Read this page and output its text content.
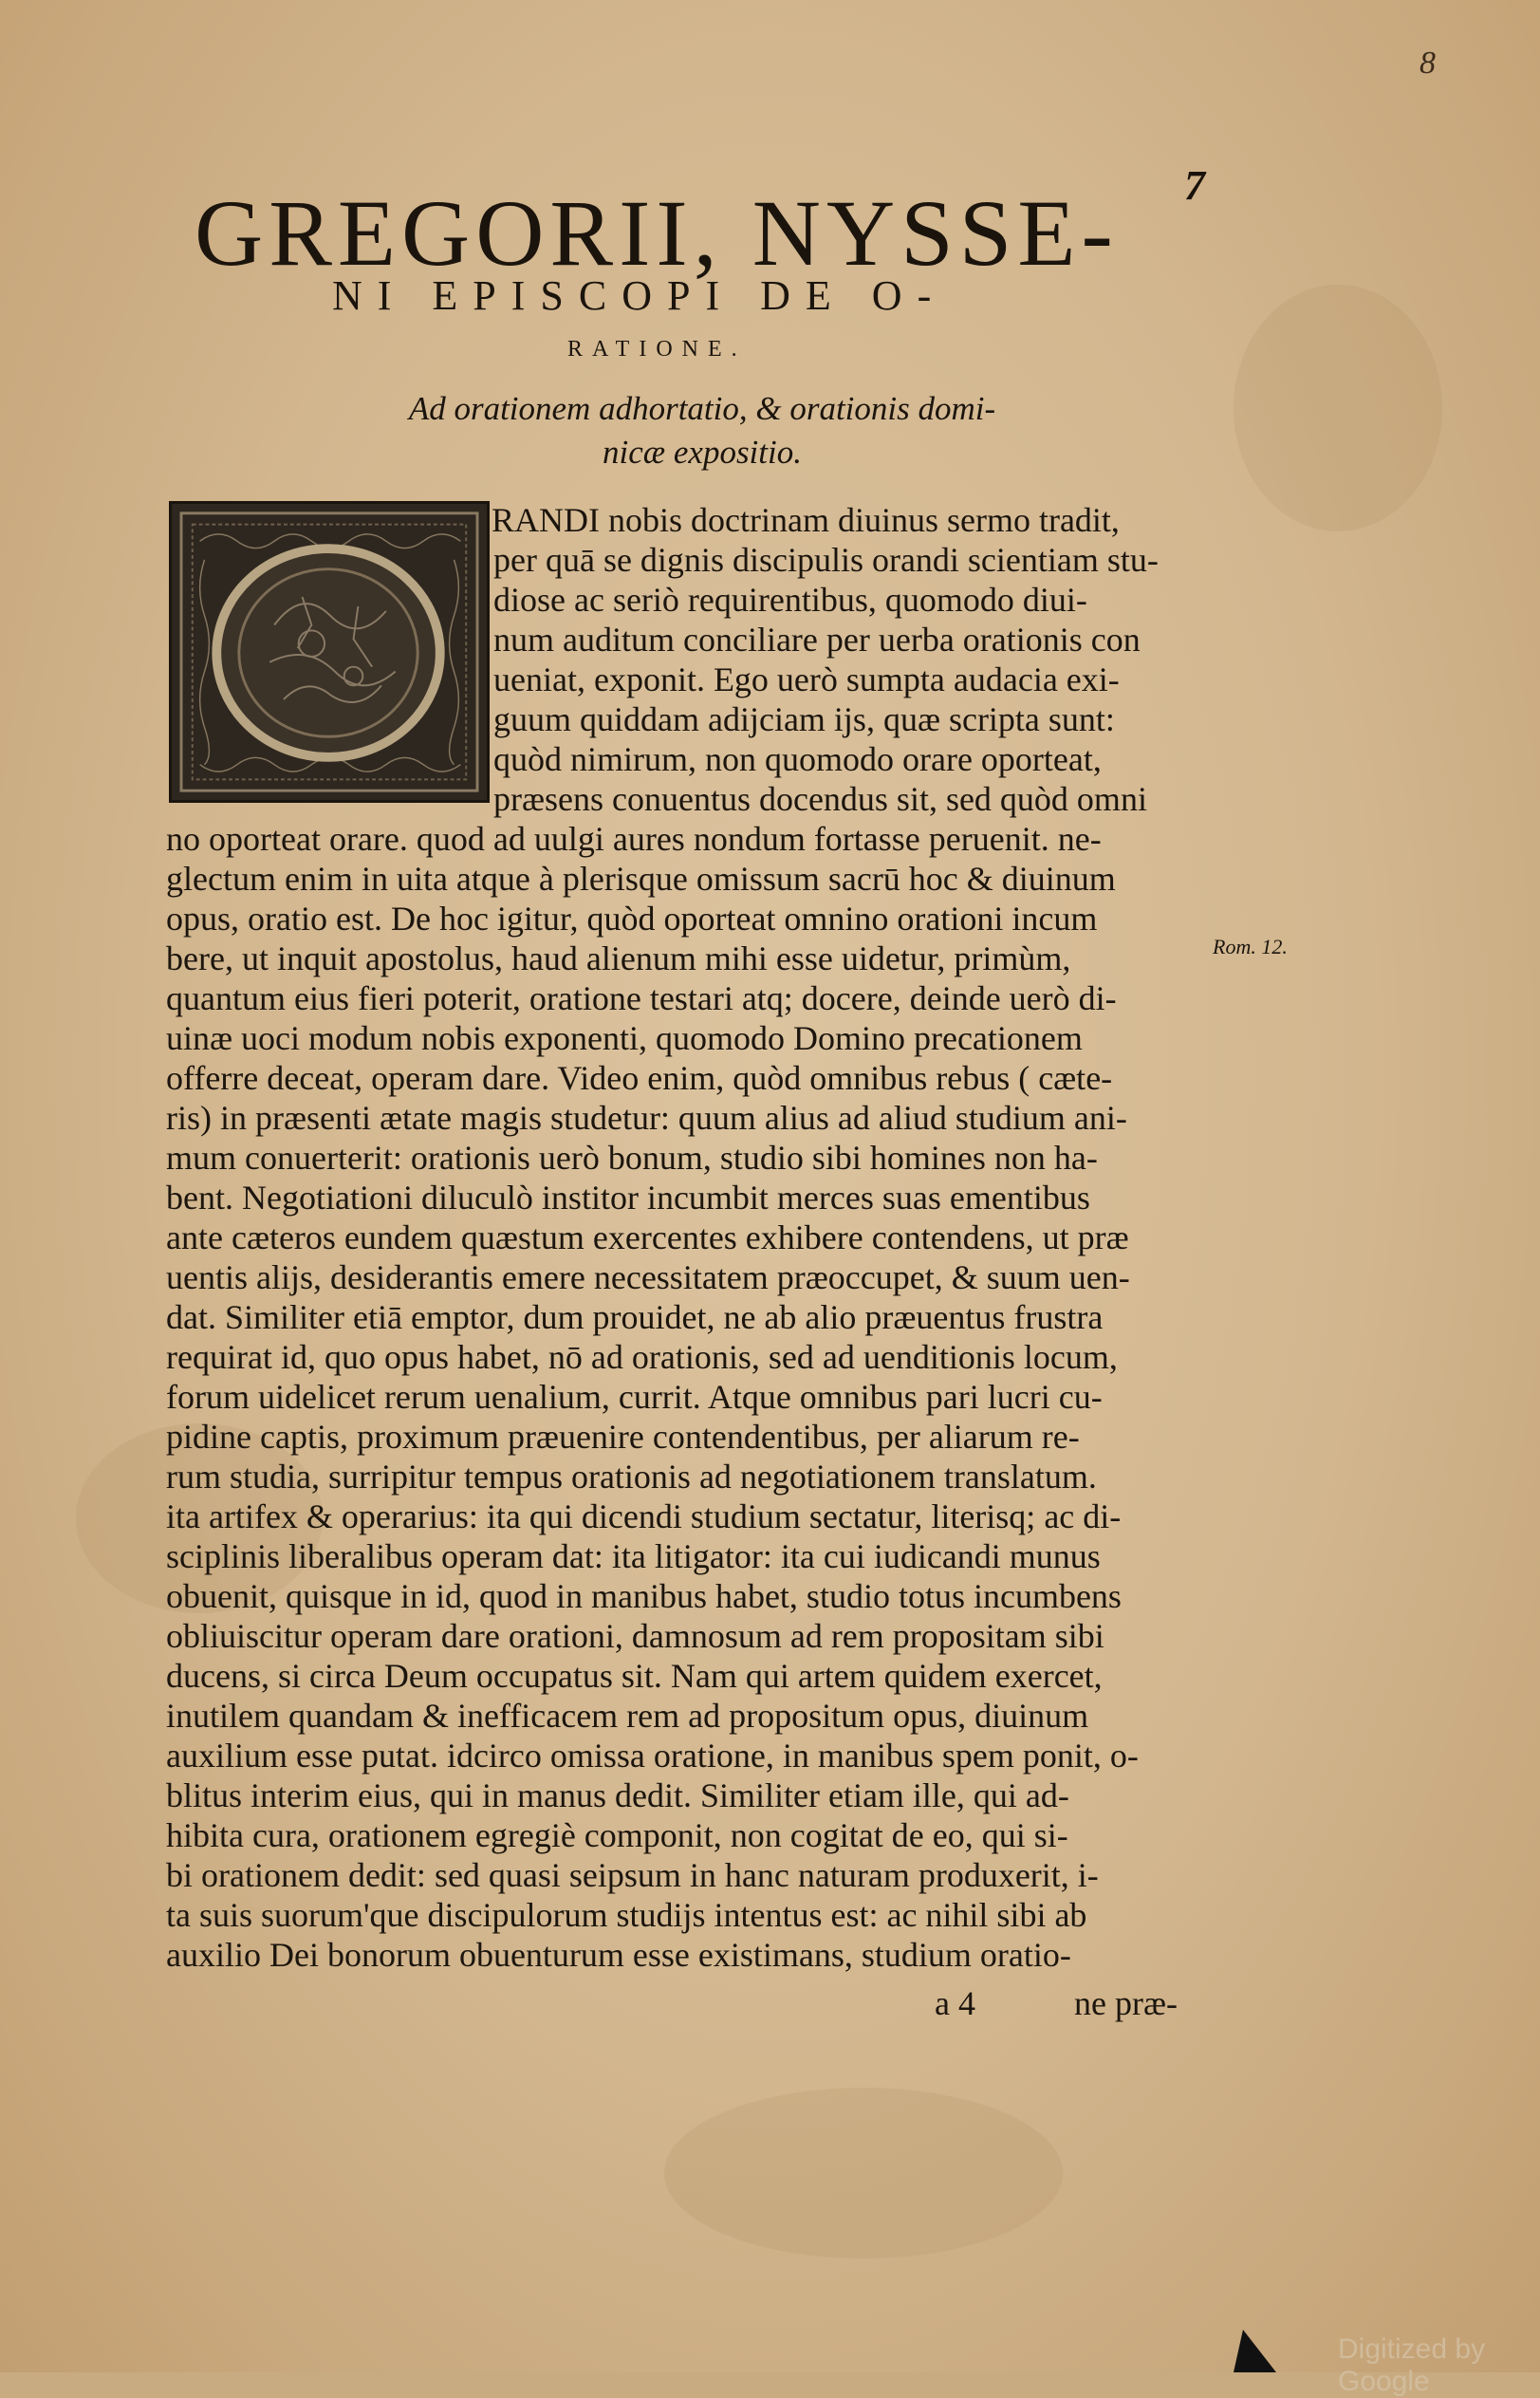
8
7
GREGORII, NYSSE-
NI EPISCOPI DE O-
RATIONE.
Ad orationem adhortatio, & orationis domi-
nicæ expositio.
Rom. 12.
RANDI nobis doctrinam diuinus sermo tradit,
per quā se dignis discipulis orandi scientiam stu-
diose ac seriò requirentibus, quomodo diui-
num auditum conciliare per uerba orationis con
ueniat, exponit. Ego uerò sumpta audacia exi-
guum quiddam adijciam ijs, quæ scripta sunt:
quòd nimirum, non quomodo orare oporteat,
præsens conuentus docendus sit, sed quòd omni
no oporteat orare. quod ad uulgi aures nondum fortasse peruenit. ne-
glectum enim in uita atque à plerisque omissum sacrū hoc & diuinum
opus, oratio est. De hoc igitur, quòd oporteat omnino orationi incum
bere, ut inquit apostolus, haud alienum mihi esse uidetur, primùm,
quantum eius fieri poterit, oratione testari atq; docere, deinde uerò di-
uinæ uoci modum nobis exponenti, quomodo Domino precationem
offerre deceat, operam dare. Video enim, quòd omnibus rebus ( cæte-
ris) in præsenti ætate magis studetur: quum alius ad aliud studium ani-
mum conuerterit: orationis uerò bonum, studio sibi homines non ha-
bent. Negotiationi diluculò institor incumbit merces suas ementibus
ante cæteros eundem quæstum exercentes exhibere contendens, ut præ
uentis alijs, desiderantis emere necessitatem præoccupet, & suum uen-
dat. Similiter etiā emptor, dum prouidet, ne ab alio præuentus frustra
requirat id, quo opus habet, nō ad orationis, sed ad uenditionis locum,
forum uidelicet rerum uenalium, currit. Atque omnibus pari lucri cu-
pidine captis, proximum præuenire contendentibus, per aliarum re-
rum studia, surripitur tempus orationis ad negotiationem translatum.
ita artifex & operarius: ita qui dicendi studium sectatur, literisq; ac di-
sciplinis liberalibus operam dat: ita litigator: ita cui iudicandi munus
obuenit, quisque in id, quod in manibus habet, studio totus incumbens
obliuiscitur operam dare orationi, damnosum ad rem propositam sibi
ducens, si circa Deum occupatus sit. Nam qui artem quidem exercet,
inutilem quandam & inefficacem rem ad propositum opus, diuinum
auxilium esse putat. idcirco omissa oratione, in manibus spem ponit, o-
blitus interim eius, qui in manus dedit. Similiter etiam ille, qui ad-
hibita cura, orationem egregiè componit, non cogitat de eo, qui si-
bi orationem dedit: sed quasi seipsum in hanc naturam produxerit, i-
ta suis suorum'que discipulorum studijs intentus est: ac nihil sibi ab
auxilio Dei bonorum obuenturum esse existimans, studium oratio-
a 4	ne præ-
Digitized by Google
